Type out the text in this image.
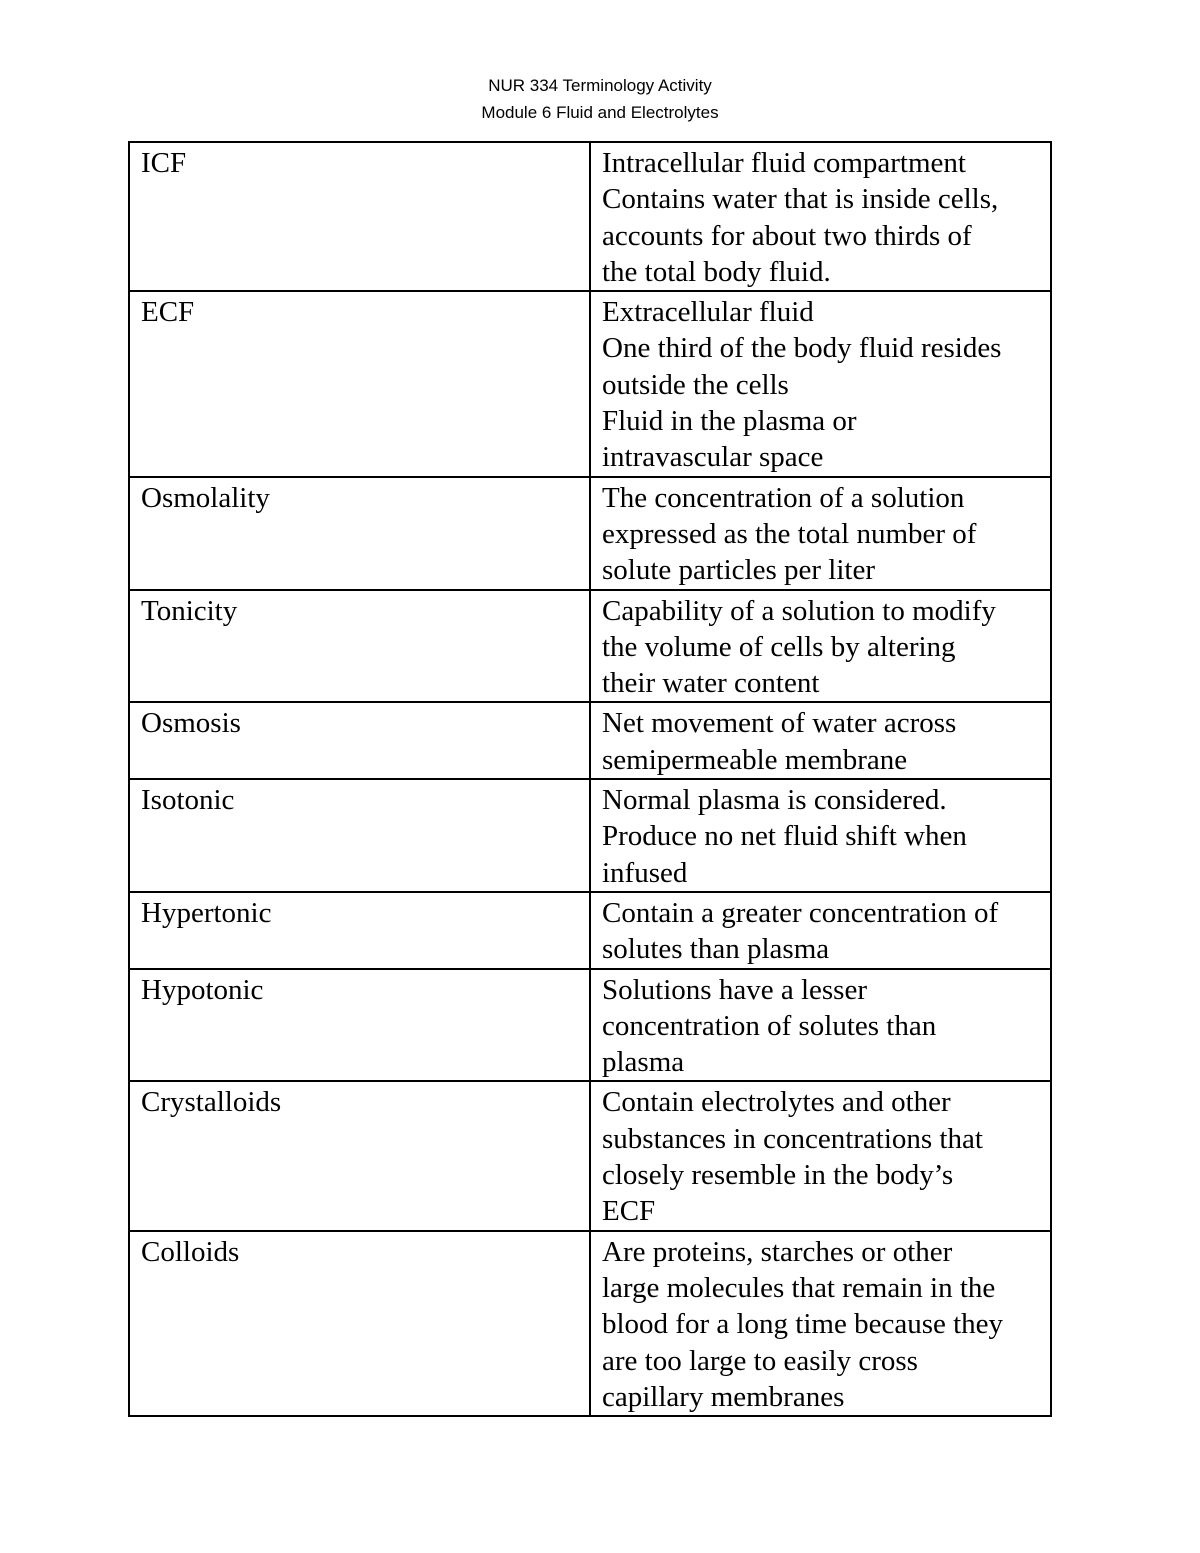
NUR 334 Terminology Activity
Module 6 Fluid and Electrolytes
ICF	Intracellular fluid compartment
Contains water that is inside cells,
accounts for about two thirds of
the total body fluid.

ECF	Extracellular fluid
One third of the body fluid resides
outside the cells
Fluid in the plasma or
intravascular space

Osmolality	The concentration of a solution
expressed as the total number of
solute particles per liter

Tonicity	Capability of a solution to modify
the volume of cells by altering
their water content

Osmosis	Net movement of water across
semipermeable membrane

Isotonic	Normal plasma is considered.
Produce no net fluid shift when
infused

Hypertonic	Contain a greater concentration of
solutes than plasma

Hypotonic	Solutions have a lesser
concentration of solutes than
plasma

Crystalloids	Contain electrolytes and other
substances in concentrations that
closely resemble in the body’s
ECF

Colloids	Are proteins, starches or other
large molecules that remain in the
blood for a long time because they
are too large to easily cross
capillary membranes
